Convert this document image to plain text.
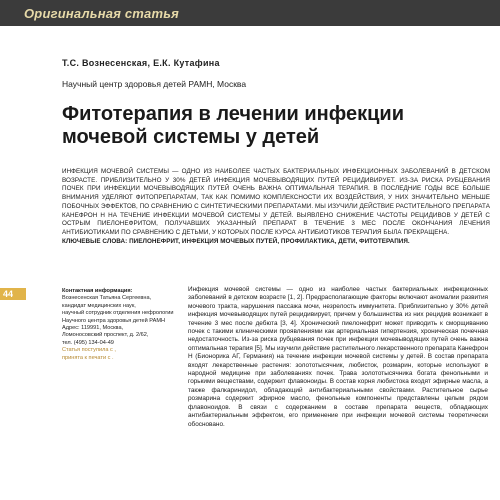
Оригинальная статья
Т.С. Вознесенская, Е.К. Кутафина
Научный центр здоровья детей РАМН, Москва
Фитотерапия в лечении инфекции мочевой системы у детей
ИНФЕКЦИЯ МОЧЕВОЙ СИСТЕМЫ — ОДНО ИЗ НАИБОЛЕЕ ЧАСТЫХ БАКТЕРИАЛЬНЫХ ИНФЕКЦИОННЫХ ЗАБОЛЕВАНИЙ В ДЕТСКОМ ВОЗРАСТЕ. ПРИБЛИЗИТЕЛЬНО У 30% ДЕТЕЙ ИНФЕКЦИЯ МОЧЕВЫВОДЯЩИХ ПУТЕЙ РЕЦИДИВИРУЕТ. ИЗ-ЗА РИСКА РУБЦЕВАНИЯ ПОЧЕК ПРИ ИНФЕКЦИИ МОЧЕВЫВОДЯЩИХ ПУТЕЙ ОЧЕНЬ ВАЖНА ОПТИМАЛЬНАЯ ТЕРАПИЯ. В ПОСЛЕДНИЕ ГОДЫ ВСЕ БОЛЬШЕ ВНИМАНИЯ УДЕЛЯЮТ ФИТОПРЕПАРАТАМ, ТАК КАК ПОМИМО КОМПЛЕКСНОСТИ ИХ ВОЗДЕЙСТВИЯ, У НИХ ЗНАЧИТЕЛЬНО МЕНЬШЕ ПОБОЧНЫХ ЭФФЕКТОВ, ПО СРАВНЕНИЮ С СИНТЕТИЧЕСКИМИ ПРЕПАРАТАМИ. МЫ ИЗУЧИЛИ ДЕЙСТВИЕ РАСТИТЕЛЬНОГО ПРЕПАРАТА КАНЕФРОН Н НА ТЕЧЕНИЕ ИНФЕКЦИИ МОЧЕВОЙ СИСТЕМЫ У ДЕТЕЙ. ВЫЯВЛЕНО СНИЖЕНИЕ ЧАСТОТЫ РЕЦИДИВОВ У ДЕТЕЙ С ОСТРЫМ ПИЕЛОНЕФРИТОМ, ПОЛУЧАВШИХ УКАЗАННЫЙ ПРЕПАРАТ В ТЕЧЕНИЕ 3 МЕС ПОСЛЕ ОКОНЧАНИЯ ЛЕЧЕНИЯ АНТИБИОТИКАМИ ПО СРАВНЕНИЮ С ДЕТЬМИ, У КОТОРЫХ ПОСЛЕ КУРСА АНТИБИОТИКОВ ТЕРАПИЯ БЫЛА ПРЕКРАЩЕНА.
КЛЮЧЕВЫЕ СЛОВА: ПИЕЛОНЕФРИТ, ИНФЕКЦИЯ МОЧЕВЫХ ПУТЕЙ, ПРОФИЛАКТИКА, ДЕТИ, ФИТОТЕРАПИЯ.
44	Контактная информация:
Вознесенская Татьяна Сергеевна,
кандидат медицинских наук,
научный сотрудник отделения нефрологии
Научного центра здоровья детей РАМН
Адрес: 119991, Москва,
Ломоносовский проспект, д. 2/62,
тел. (495) 134-04-49
Статья поступила с ,
принята к печати с .
Инфекция мочевой системы — одно из наиболее частых бактериальных инфекционных заболеваний в детском возрасте [1, 2]. Предрасполагающие факторы включают аномалии развития мочевого тракта, нарушения пассажа мочи, незрелость иммунитета. Приблизительно у 30% детей инфекция мочевыводящих путей рецидивирует, причем у большинства из них рецидив возникает в течение 3 мес после дебюта [3, 4]. Хронический пиелонефрит может приводить к сморщиванию почек с такими клиническими проявлениями как артериальная гипертензия, хроническая почечная недостаточность. Из-за риска рубцевания почек при инфекции мочевыводящих путей очень важна оптимальная терапия [5]. Мы изучили действие растительного лекарственного препарата Канефрон Н (Бионорика АГ, Германия) на течение инфекции мочевой системы у детей. В состав препарата входят лекарственные растения: золототысячник, любисток, розмарин, которые используют в народной медицине при заболеваниях почек. Трава золототысячника богата фенольными и горькими веществами, содержит флавоноиды. В состав корня любистока входят эфирные масла, а также фалкаринидол, обладающий антибактериальными свойствами. Растительное сырье розмарина содержит эфирное масло, фенольные компоненты представлены целым рядом флавоноидов. В связи с содержанием в составе препарата веществ, обладающих антибактериальным эффектом, его применение при инфекции мочевой системы теоретически обосновано.
